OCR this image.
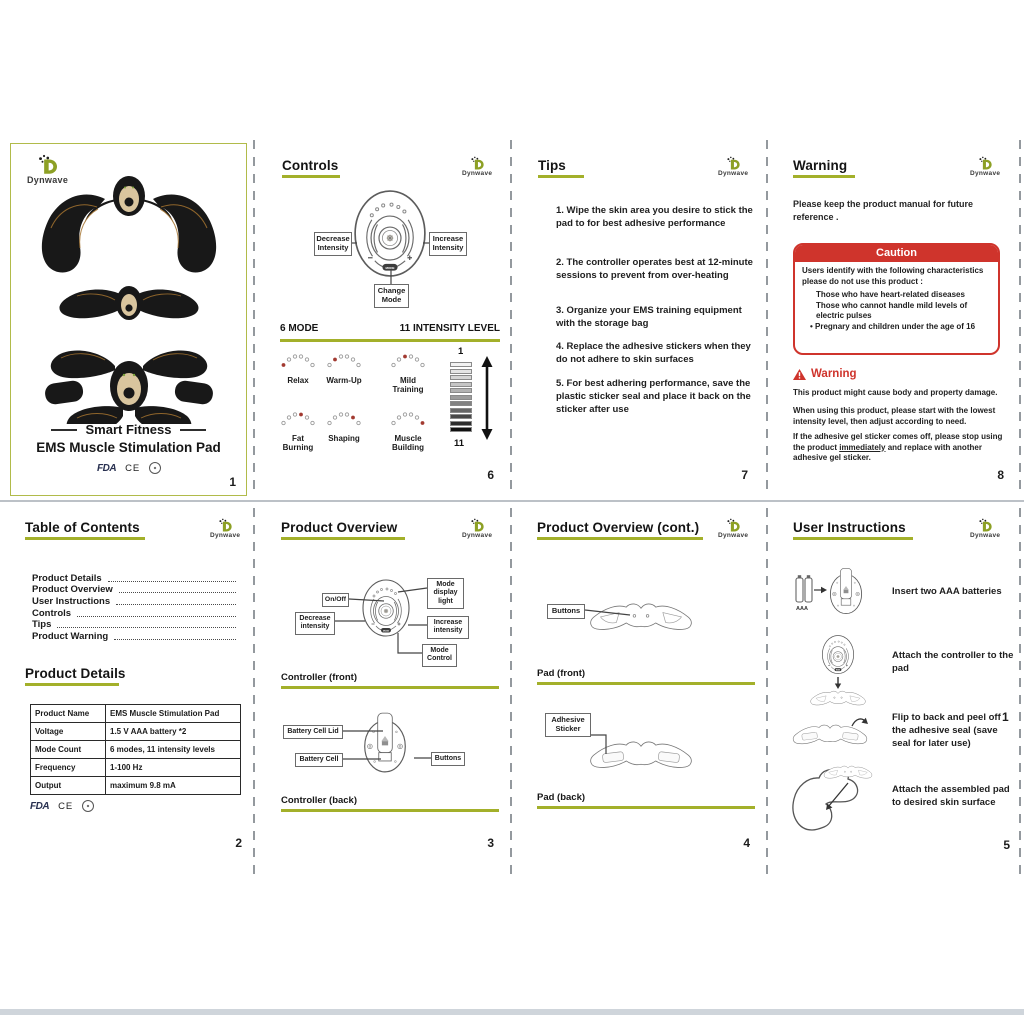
Dynwave
Smart Fitness
EMS Muscle Stimulation Pad
FDA CE
1
Controls
Dynwave
Decrease Intensity
Increase Intensity
Change Mode
6 MODE	11 INTENSITY LEVEL
Relax	Warm-Up	Mild Training
Fat Burning
Shaping	Muscle Building
1
11
6
Tips
Dynwave
1. Wipe the skin area you desire to stick the pad to for best adhesive performance
2. The controller operates best at 12-minute sessions to prevent from over-heating
3. Organize your EMS training equipment with the storage bag
4. Replace the adhesive stickers when they do not adhere to skin surfaces
5. For best adhering performance, save the plastic sticker seal and place it back on the sticker after use
7
Warning
Dynwave
Please keep the product manual for future reference .
Caution
Users identify with the following characteristics please do not use this product :
Those who have heart-related diseases
Those who cannot handle mild levels of electric pulses
• Pregnary and children under the age of 16
Warning
This product might cause body and property damage.
When using this product, please start with the lowest intensity level, then adjust according to need.
If the adhesive gel sticker comes off, please stop using the product immediately and replace with another adhesive gel sticker.
8
Table of Contents
Dynwave
Product Details
Product Overview
User Instructions
Controls
Tips
Product Warning
Product Details
Product Name	EMS Muscle Stimulation Pad
Voltage	1.5 V AAA battery *2
Mode Count	6 modes, 11 intensity levels
Frequency	1-100 Hz
Output	maximum 9.8 mA
FDA CE
2
Product Overview
Dynwave
On/Off
Mode display light
Decrease intensity
Increase intensity
Mode Control
Controller (front)
Battery Cell Lid
Battery Cell	Buttons
Controller (back)
3
Product Overview (cont.)
Dynwave
Buttons
Pad (front)
Adhesive Sticker
Pad (back)
4
User Instructions
Dynwave
AAA
Insert two AAA batteries
Attach the controller to the pad
Flip to back and peel off the adhesive seal (save seal for later use)
1
Attach the assembled pad to desired skin surface
5
